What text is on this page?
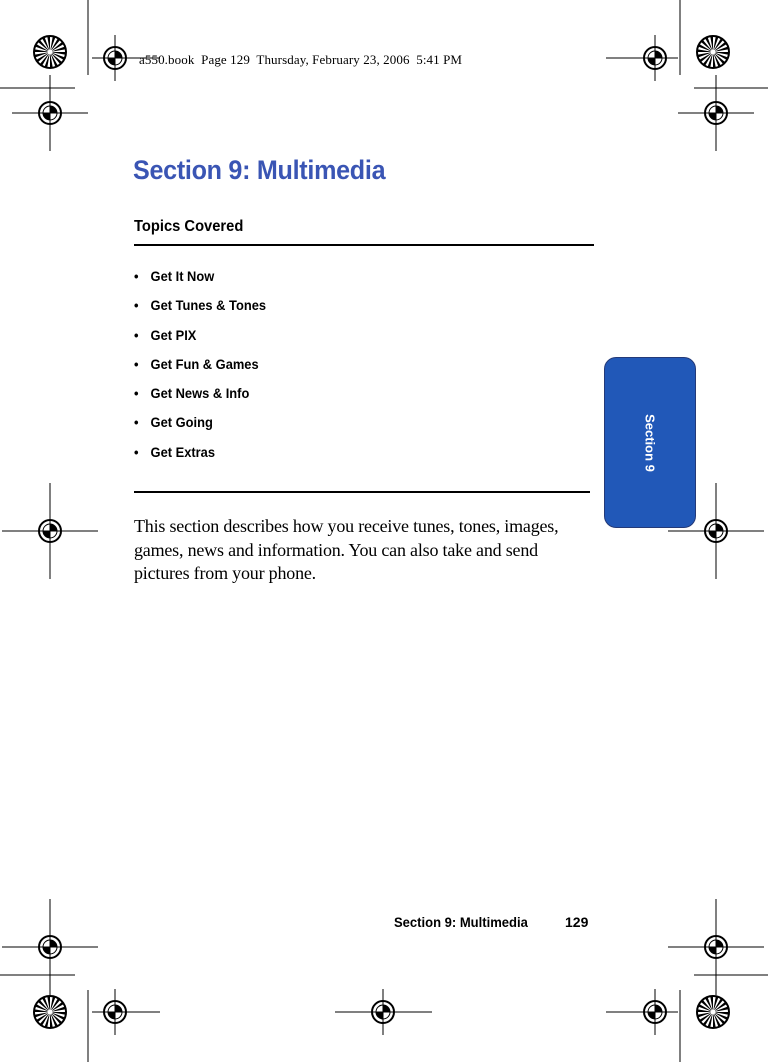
a550.book  Page 129  Thursday, February 23, 2006  5:41 PM
Section 9: Multimedia
Topics Covered
• Get It Now
• Get Tunes & Tones
• Get PIX
• Get Fun & Games
• Get News & Info
• Get Going
• Get Extras

This section describes how you receive tunes, tones, images, games, news and information. You can also take and send pictures from your phone.

Section 9
Section 9: Multimedia	129
